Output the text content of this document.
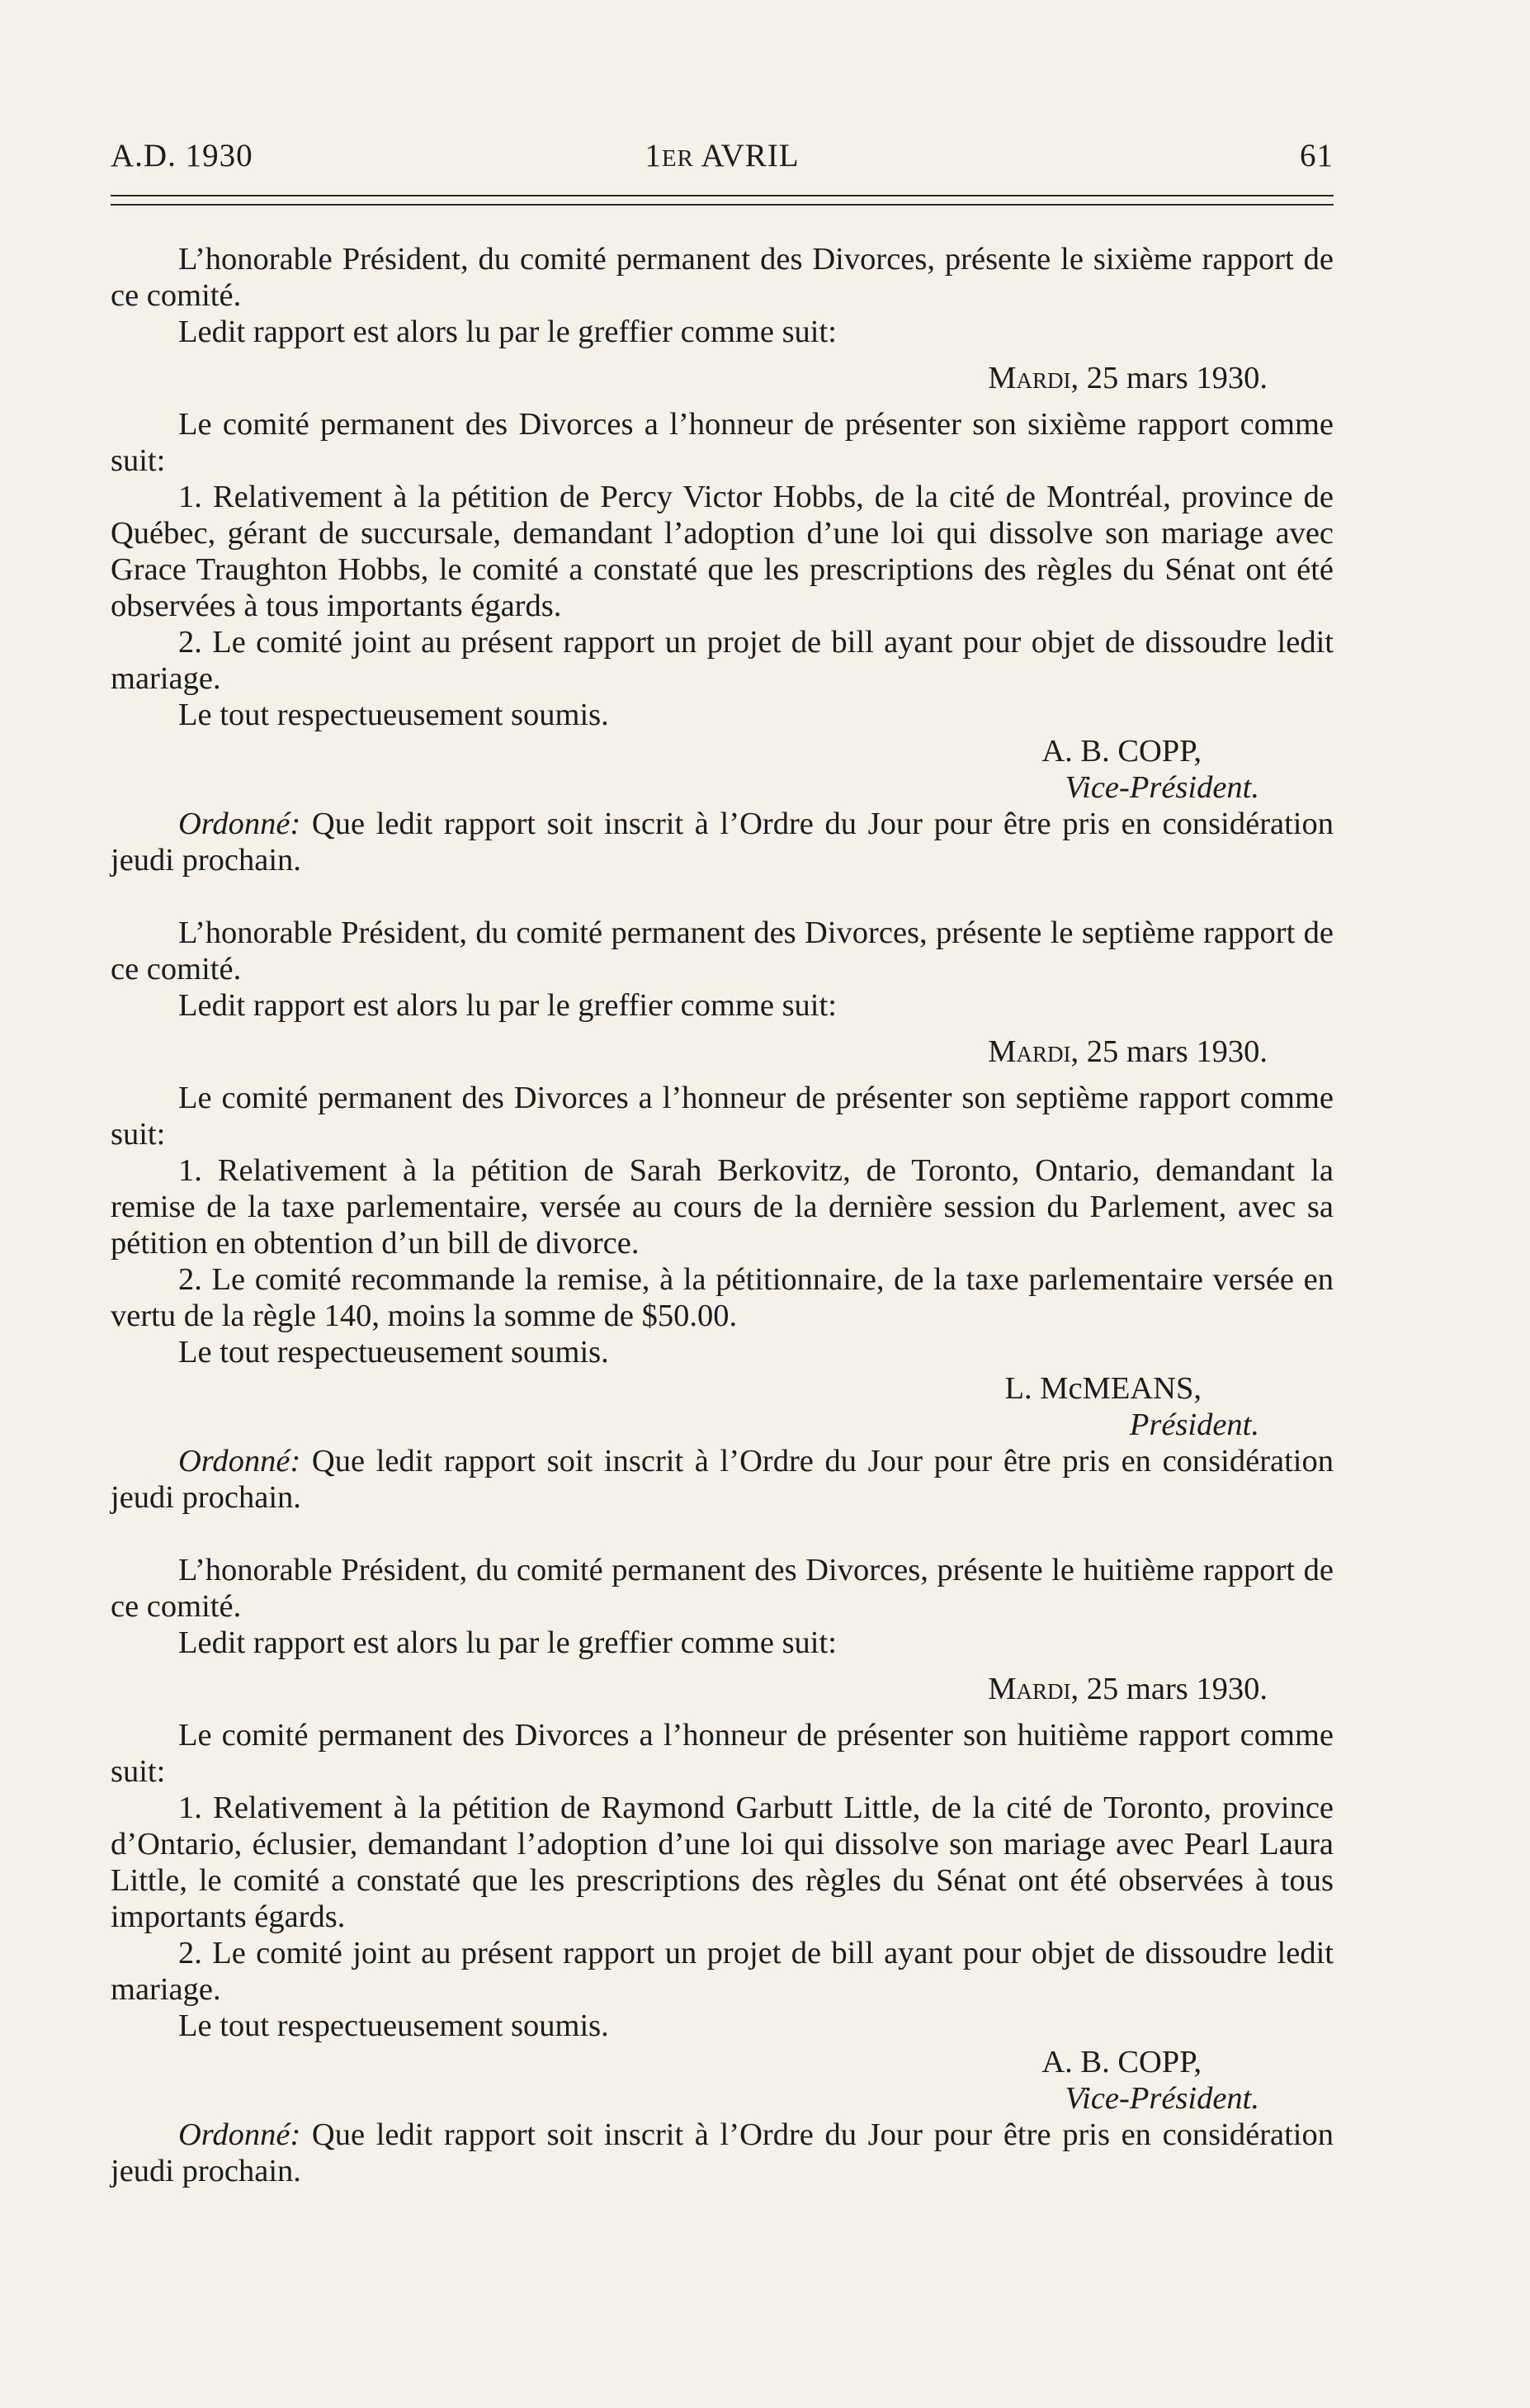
A.D. 1930	1ER AVRIL	61

L’honorable Président, du comité permanent des Divorces, présente le sixième rapport de ce comité.

Ledit rapport est alors lu par le greffier comme suit:

Mardi, 25 mars 1930.

Le comité permanent des Divorces a l’honneur de présenter son sixième rapport comme suit:

1. Relativement à la pétition de Percy Victor Hobbs, de la cité de Montréal, province de Québec, gérant de succursale, demandant l’adoption d’une loi qui dissolve son mariage avec Grace Traughton Hobbs, le comité a constaté que les prescriptions des règles du Sénat ont été observées à tous importants égards.

2. Le comité joint au présent rapport un projet de bill ayant pour objet de dissoudre ledit mariage.

Le tout respectueusement soumis.

A. B. COPP,

Vice-Président.

Ordonné: Que ledit rapport soit inscrit à l’Ordre du Jour pour être pris en considération jeudi prochain.

L’honorable Président, du comité permanent des Divorces, présente le septième rapport de ce comité.

Ledit rapport est alors lu par le greffier comme suit:

Mardi, 25 mars 1930.

Le comité permanent des Divorces a l’honneur de présenter son septième rapport comme suit:

1. Relativement à la pétition de Sarah Berkovitz, de Toronto, Ontario, demandant la remise de la taxe parlementaire, versée au cours de la dernière session du Parlement, avec sa pétition en obtention d’un bill de divorce.

2. Le comité recommande la remise, à la pétitionnaire, de la taxe parlementaire versée en vertu de la règle 140, moins la somme de $50.00.

Le tout respectueusement soumis.

L. McMEANS,

Président.

Ordonné: Que ledit rapport soit inscrit à l’Ordre du Jour pour être pris en considération jeudi prochain.

L’honorable Président, du comité permanent des Divorces, présente le huitième rapport de ce comité.

Ledit rapport est alors lu par le greffier comme suit:

Mardi, 25 mars 1930.

Le comité permanent des Divorces a l’honneur de présenter son huitième rapport comme suit:

1. Relativement à la pétition de Raymond Garbutt Little, de la cité de Toronto, province d’Ontario, éclusier, demandant l’adoption d’une loi qui dissolve son mariage avec Pearl Laura Little, le comité a constaté que les prescriptions des règles du Sénat ont été observées à tous importants égards.

2. Le comité joint au présent rapport un projet de bill ayant pour objet de dissoudre ledit mariage.

Le tout respectueusement soumis.

A. B. COPP,

Vice-Président.

Ordonné: Que ledit rapport soit inscrit à l’Ordre du Jour pour être pris en considération jeudi prochain.
